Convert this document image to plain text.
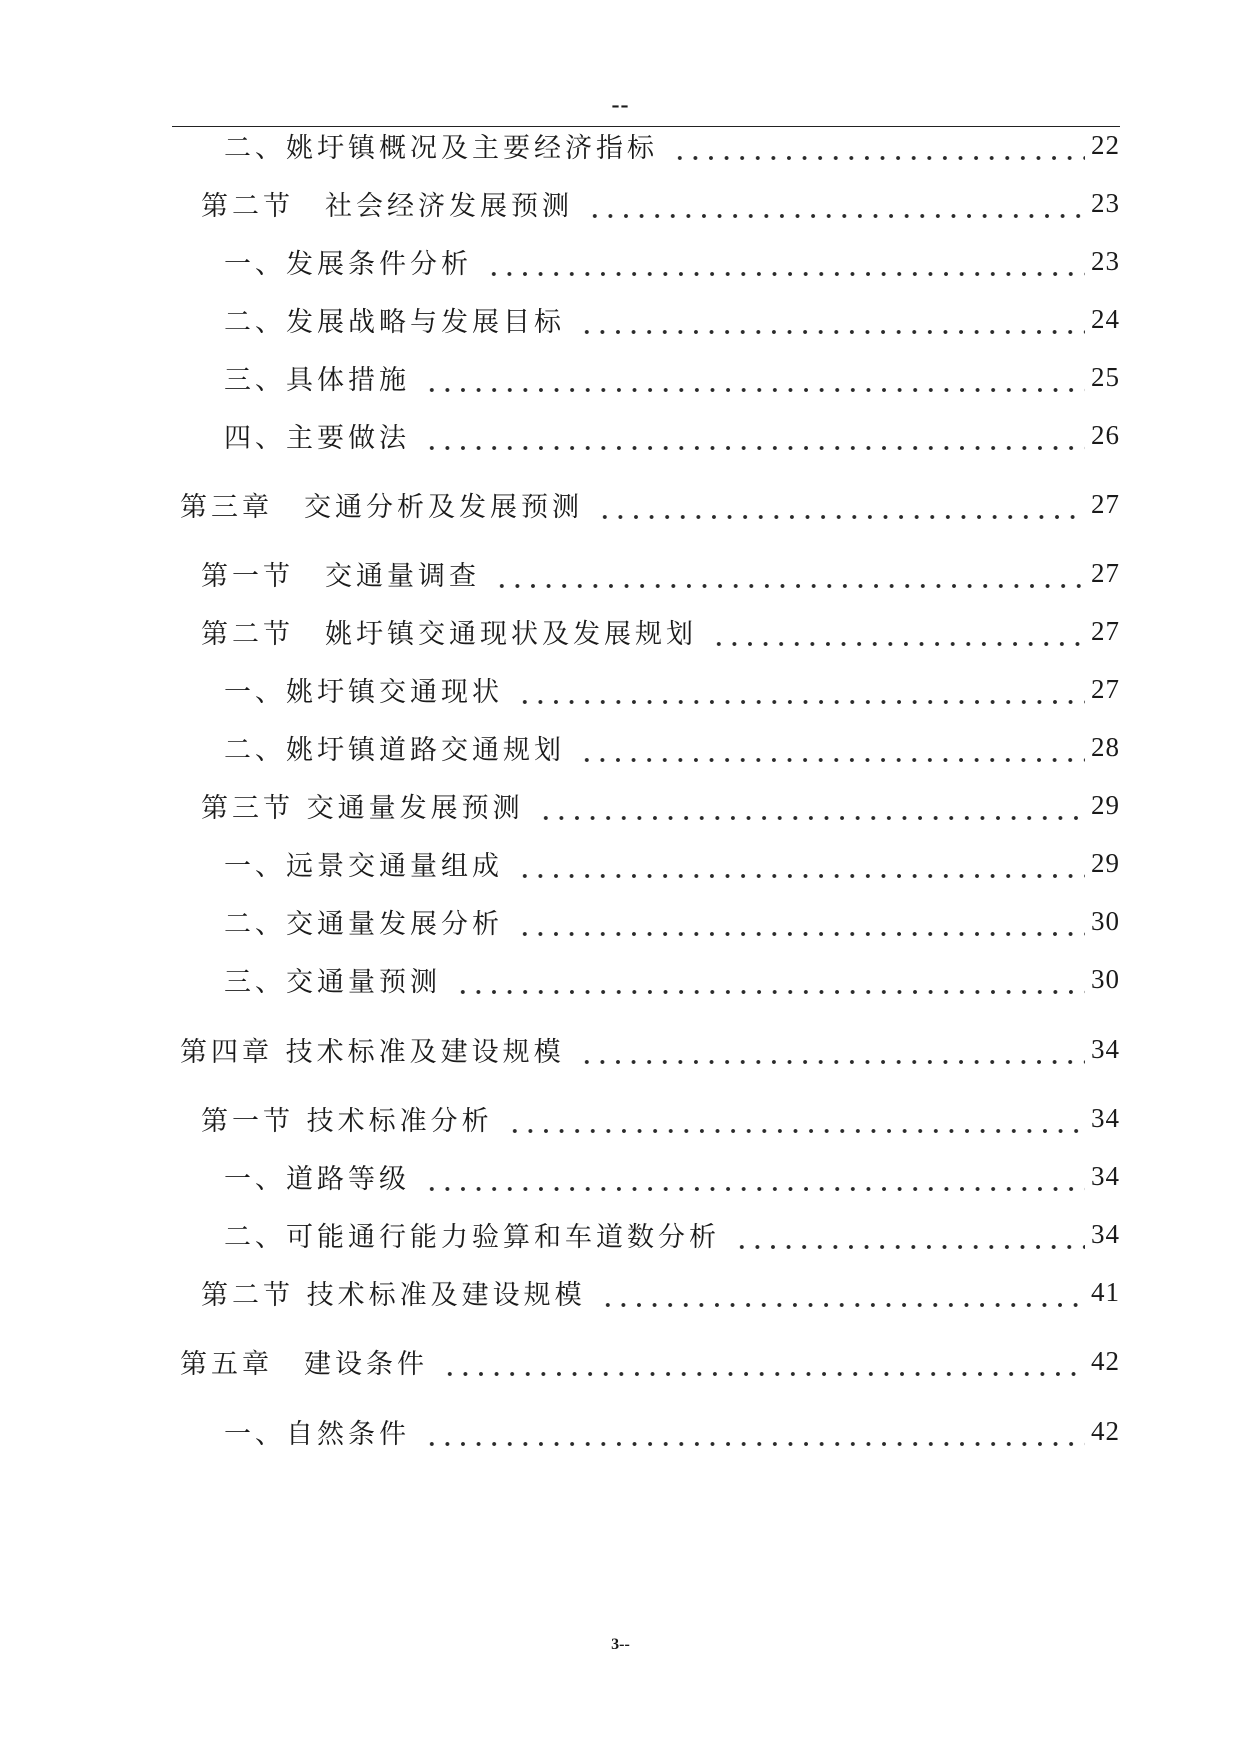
--
二、姚圩镇概况及主要经济指标	22
第二节　社会经济发展预测	23
一、发展条件分析	23
二、发展战略与发展目标	24
三、具体措施	25
四、主要做法	26
第三章　交通分析及发展预测	27
第一节　交通量调查	27
第二节　姚圩镇交通现状及发展规划	27
一、姚圩镇交通现状	27
二、姚圩镇道路交通规划	28
第三节 交通量发展预测	29
一、远景交通量组成	29
二、交通量发展分析	30
三、交通量预测	30
第四章 技术标准及建设规模	34
第一节 技术标准分析	34
一、道路等级	34
二、可能通行能力验算和车道数分析	34
第二节 技术标准及建设规模	41
第五章　建设条件	42
一、自然条件	42
3--
